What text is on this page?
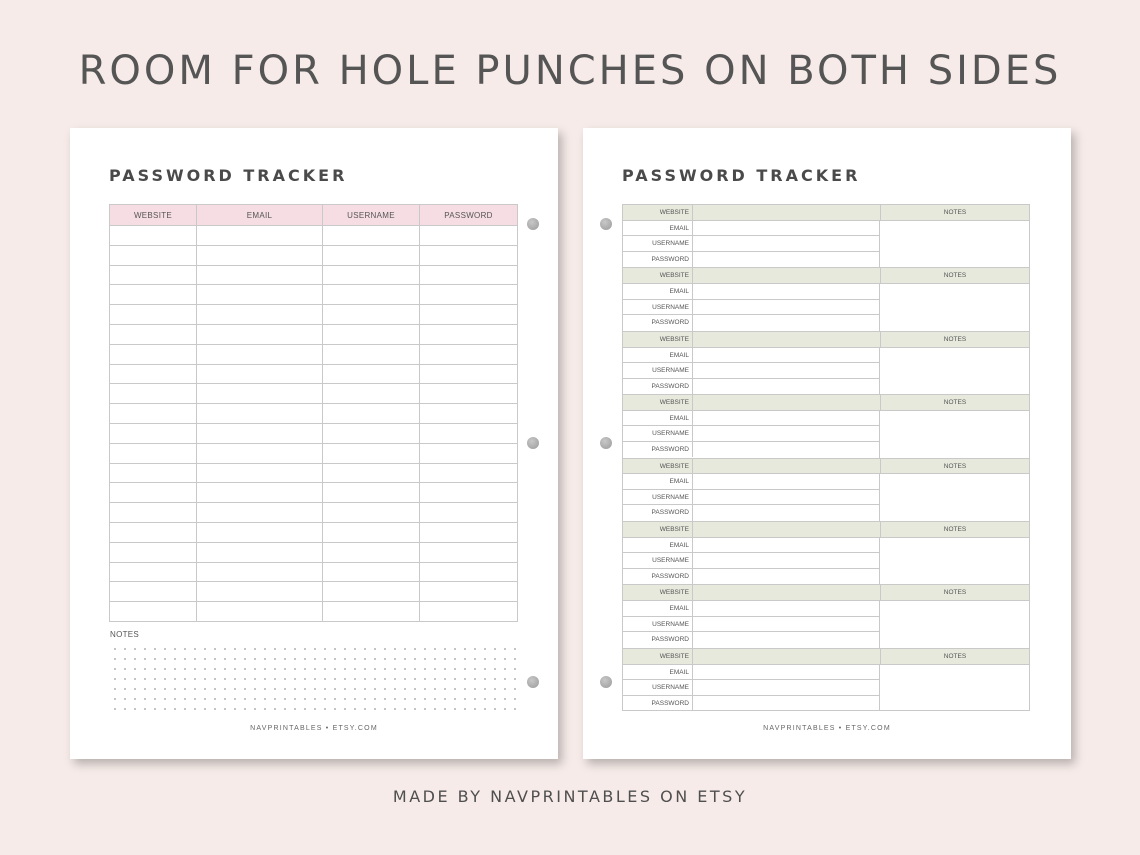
ROOM FOR HOLE PUNCHES ON BOTH SIDES
PASSWORD TRACKER
WEBSITE	EMAIL	USERNAME	PASSWORD

NOTES
NAVPRINTABLES • ETSY.COM
PASSWORD TRACKER
WEBSITE	NOTES
EMAIL
USERNAME
PASSWORD
WEBSITE	NOTES
EMAIL
USERNAME
PASSWORD
WEBSITE	NOTES
EMAIL
USERNAME
PASSWORD
WEBSITE	NOTES
EMAIL
USERNAME
PASSWORD
WEBSITE	NOTES
EMAIL
USERNAME
PASSWORD
WEBSITE	NOTES
EMAIL
USERNAME
PASSWORD
WEBSITE	NOTES
EMAIL
USERNAME
PASSWORD
WEBSITE	NOTES
EMAIL
USERNAME
PASSWORD
NAVPRINTABLES • ETSY.COM
MADE BY NAVPRINTABLES ON ETSY
